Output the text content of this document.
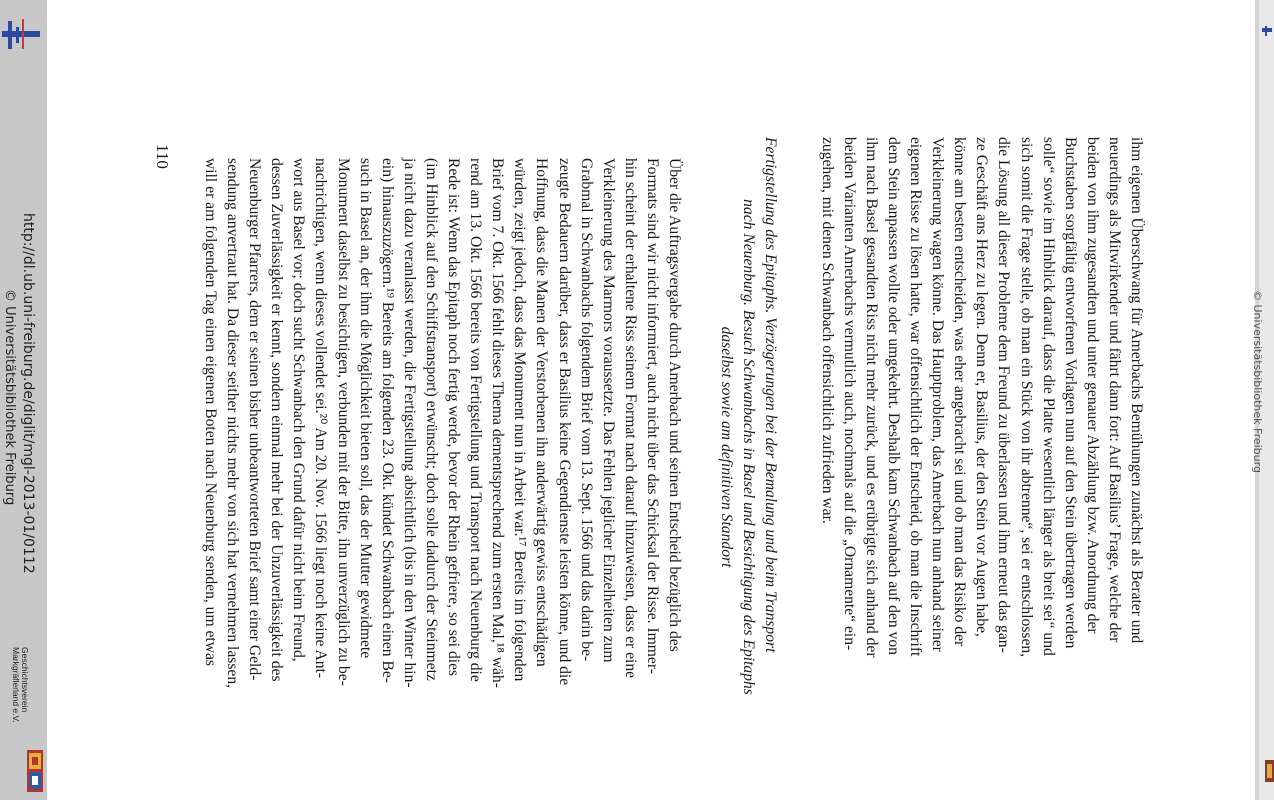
110	ihm eigenen Überschwang für Amerbachs Bemühungen zunächst als Berater und

neuerdings als Mitwirkender und fährt dann fort: Auf Basilius’ Frage, welche der

beiden von ihm zugesandten und unter genauer Abzählung bzw. Anordnung der

Buchstaben sorgfältig entworfenen Vorlagen nun auf den Stein übertragen werden

solle“ sowie im Hinblick darauf, dass die Platte wesentlich länger als breit sei“ und

sich somit die Frage stelle, ob man ein Stück von ihr abtrenne“, sei er entschlossen,

die Lösung all dieser Probleme dem Freund zu überlassen und ihm erneut das gan-

ze Geschäft ans Herz zu legen. Denn er, Basilius, der den Stein vor Augen habe,

könne am besten entscheiden, was eher angebracht sei und ob man das Risiko der

Verkleinerung wagen könne. Das Hauptproblem, das Amerbach nun anhand seiner

eigenen Risse zu lösen hatte, war offensichtlich der Entscheid, ob man die Inschrift

dem Stein anpassen wollte oder umgekehrt. Deshalb kam Schwanbach auf den von

ihm nach Basel gesandten Riss nicht mehr zurück, und es erübrigte sich anhand der

beiden Varianten Amerbachs vermutlich auch, nochmals auf die „Ornamente“ ein-

zugehen, mit denen Schwanbach offensichtlich zufrieden war.

Fertigstellung des Epitaphs. Verzögerungen bei der Bemalung und beim Transport

nach Neuenburg. Besuch Schwanbachs in Basel und Besichtigung des Epitaphs

daselbst sowie am definitiven Standort

Über die Auftragsvergabe durch Amerbach und seinen Entscheid bezüglich des

Formats sind wir nicht informiert, auch nicht über das Schicksal der Risse. Immer-

hin scheint der erhaltene Riss seinem Format nach darauf hinzuweisen, dass er eine

Verkleinerung des Marmors voraussetzte. Das Fehlen jeglicher Einzelheiten zum

Grabmal in Schwanbachs folgendem Brief vom 13. Sept. 1566 und das darin be-

zeugte Bedauern darüber, dass er Basilius keine Gegendienste leisten könne, und die

Hoffnung, dass die Manen der Verstorbenen ihn anderwärtig gewiss entschädigen

würden, zeigt jedoch, dass das Monument nun in Arbeit war.¹⁷ Bereits im folgenden

Brief vom 7. Okt. 1566 fehlt dieses Thema dementsprechend zum ersten Mal,¹⁸ wäh-

rend am 13. Okt. 1566 bereits von Fertigstellung und Transport nach Neuenburg die

Rede ist: Wenn das Epitaph noch fertig werde, bevor der Rhein gefriere, so sei dies

(im Hinblick auf den Schiffstransport) erwünscht; doch solle dadurch der Steinmetz

ja nicht dazu veranlasst werden, die Fertigstellung absichtlich (bis in den Winter hin-

ein) hinauszuzögern.¹⁹ Bereits am folgenden 23. Okt. kündet Schwanbach einen Be-

such in Basel an, der ihm die Möglichkeit bieten soll, das der Mutter gewidmete

Monument daselbst zu besichtigen, verbunden mit der Bitte, ihn unverzüglich zu be-

nachrichtigen, wenn dieses vollendet sei.²⁰ Am 20. Nov. 1566 liegt noch keine Ant-

wort aus Basel vor; doch sucht Schwanbach den Grund dafür nicht beim Freund,

dessen Zuverlässigkeit er kennt, sondern einmal mehr bei der Unzuverlässigkeit des

Neuenburger Pfarrers, dem er seinen bisher unbeantworteten Brief samt einer Geld-

sendung anvertraut hat. Da dieser seither nichts mehr von sich hat vernehmen lassen,

will er am folgenden Tag einen eigenen Boten nach Neuenburg senden, um etwas

http://dl.ub.uni-freiburg.de/diglit/mgl-2013-01/0112
© Universitätsbibliothek Freiburg
Geschichtsverein
Markgräflerland e.V.
© Universitätsbibliothek Freiburg
